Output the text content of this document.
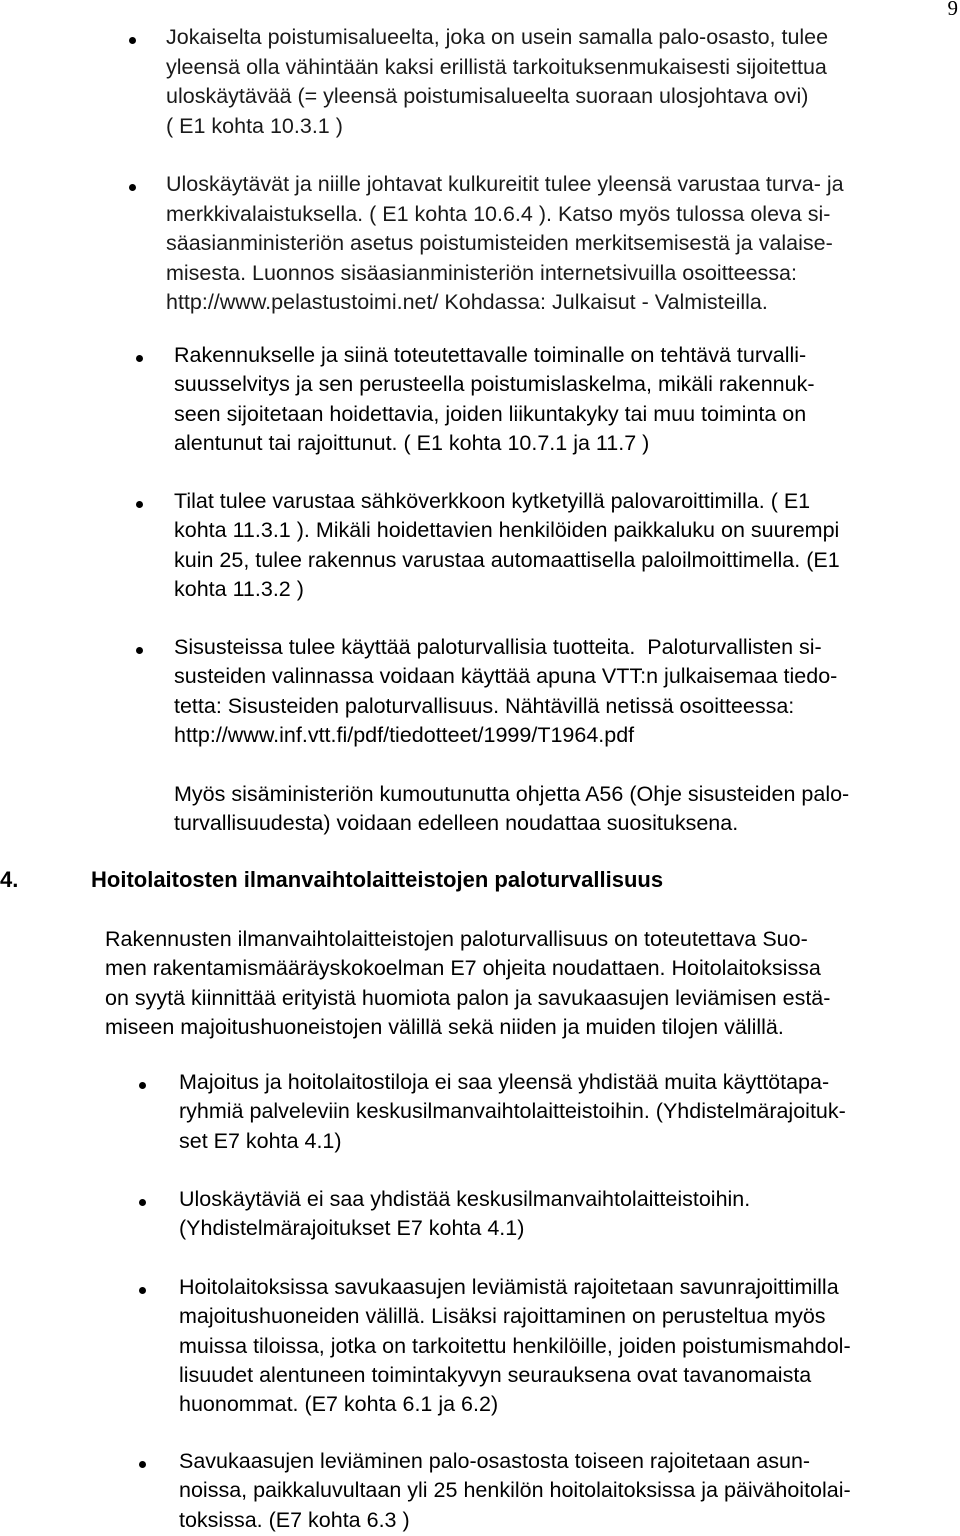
9
Jokaiselta poistumisalueelta, joka on usein samalla palo-osasto, tulee
yleensä olla vähintään kaksi erillistä tarkoituksenmukaisesti sijoitettua
uloskäytävää (= yleensä poistumisalueelta suoraan ulosjohtava ovi)
( E1 kohta 10.3.1 )
Uloskäytävät ja niille johtavat kulkureitit tulee yleensä varustaa turva- ja
merkkivalaistuksella. ( E1 kohta 10.6.4 ). Katso myös tulossa oleva si-
säasianministeriön asetus poistumisteiden merkitsemisestä ja valaise-
misesta. Luonnos sisäasianministeriön internetsivuilla osoitteessa:
http://www.pelastustoimi.net/ Kohdassa: Julkaisut - Valmisteilla.
Rakennukselle ja siinä toteutettavalle toiminalle on tehtävä turvalli-
suusselvitys ja sen perusteella poistumislaskelma, mikäli rakennuk-
seen sijoitetaan hoidettavia, joiden liikuntakyky tai muu toiminta on
alentunut tai rajoittunut. ( E1 kohta 10.7.1 ja 11.7 )
Tilat tulee varustaa sähköverkkoon kytketyillä palovaroittimilla. ( E1
kohta 11.3.1 ). Mikäli hoidettavien henkilöiden paikkaluku on suurempi
kuin 25, tulee rakennus varustaa automaattisella paloilmoittimella. (E1
kohta 11.3.2 )
Sisusteissa tulee käyttää paloturvallisia tuotteita.  Paloturvallisten si-
susteiden valinnassa voidaan käyttää apuna VTT:n julkaisemaa tiedo-
tetta: Sisusteiden paloturvallisuus. Nähtävillä netissä osoitteessa:
http://www.inf.vtt.fi/pdf/tiedotteet/1999/T1964.pdf
Myös sisäministeriön kumoutunutta ohjetta A56 (Ohje sisusteiden palo-
turvallisuudesta) voidaan edelleen noudattaa suosituksena.
4.	Hoitolaitosten ilmanvaihtolaitteistojen paloturvallisuus
Rakennusten ilmanvaihtolaitteistojen paloturvallisuus on toteutettava Suo-
men rakentamismääräyskokoelman E7 ohjeita noudattaen. Hoitolaitoksissa
on syytä kiinnittää erityistä huomiota palon ja savukaasujen leviämisen estä-
miseen majoitushuoneistojen välillä sekä niiden ja muiden tilojen välillä.
Majoitus ja hoitolaitostiloja ei saa yleensä yhdistää muita käyttötapa-
ryhmiä palveleviin keskusilmanvaihtolaitteistoihin. (Yhdistelmärajoituk-
set E7 kohta 4.1)
Uloskäytäviä ei saa yhdistää keskusilmanvaihtolaitteistoihin.
(Yhdistelmärajoitukset E7 kohta 4.1)
Hoitolaitoksissa savukaasujen leviämistä rajoitetaan savunrajoittimilla
majoitushuoneiden välillä. Lisäksi rajoittaminen on perusteltua myös
muissa tiloissa, jotka on tarkoitettu henkilöille, joiden poistumismahdol-
lisuudet alentuneen toimintakyvyn seurauksena ovat tavanomaista
huonommat. (E7 kohta 6.1 ja 6.2)
Savukaasujen leviäminen palo-osastosta toiseen rajoitetaan asun-
noissa, paikkaluvultaan yli 25 henkilön hoitolaitoksissa ja päivähoitolai-
toksissa. (E7 kohta 6.3 )
